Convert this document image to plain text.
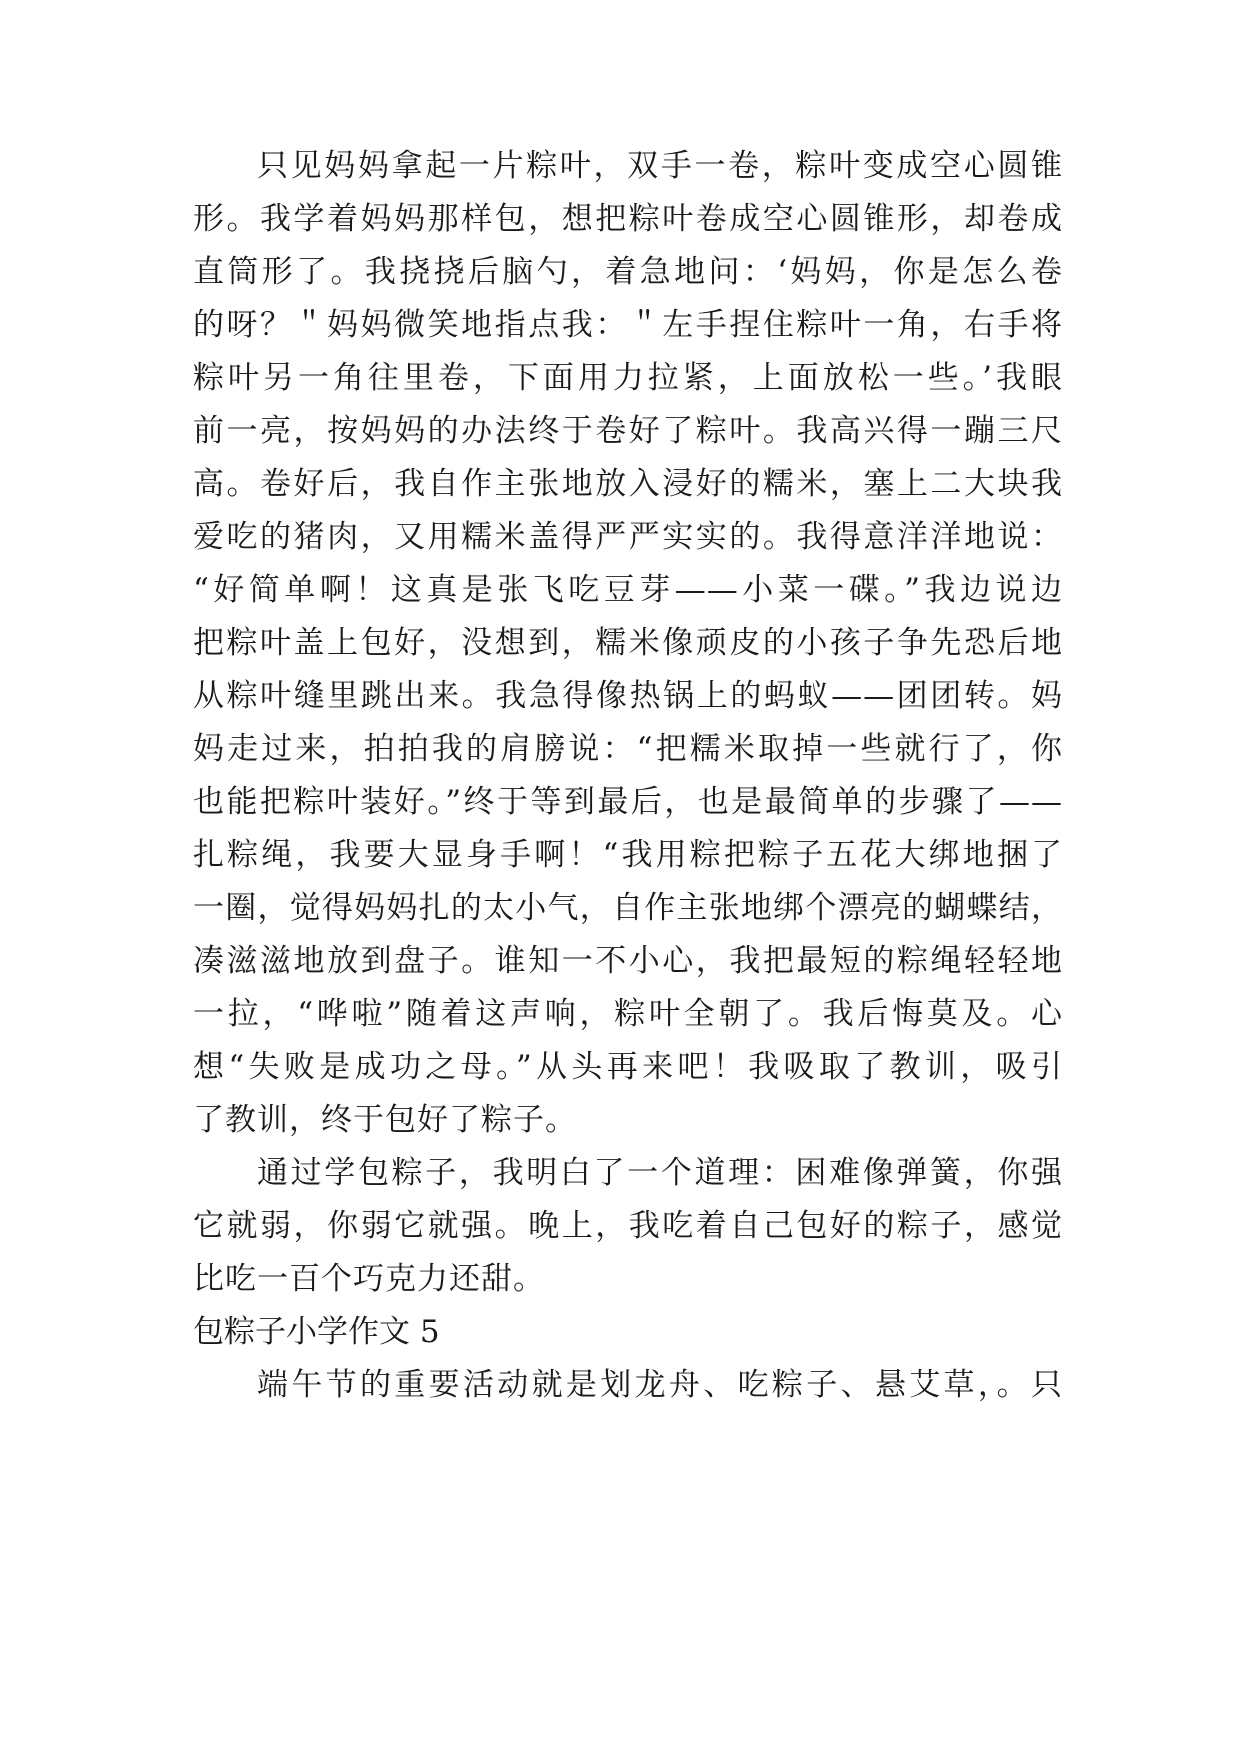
只见妈妈拿起一片粽叶，双手一卷，粽叶变成空心圆锥
形。我学着妈妈那样包，想把粽叶卷成空心圆锥形，却卷成
直筒形了。我挠挠后脑勺，着急地问：‘妈妈，你是怎么卷
的呀？＂妈妈微笑地指点我：＂左手捏住粽叶一角，右手将
粽叶另一角往里卷，下面用力拉紧，上面放松一些。’我眼
前一亮，按妈妈的办法终于卷好了粽叶。我高兴得一蹦三尺
高。卷好后，我自作主张地放入浸好的糯米，塞上二大块我
爱吃的猪肉，又用糯米盖得严严实实的。我得意洋洋地说：
“好简单啊！这真是张飞吃豆芽——小菜一碟。”我边说边
把粽叶盖上包好，没想到，糯米像顽皮的小孩子争先恐后地
从粽叶缝里跳出来。我急得像热锅上的蚂蚁——团团转。妈
妈走过来，拍拍我的肩膀说：“把糯米取掉一些就行了，你
也能把粽叶装好。”终于等到最后，也是最简单的步骤了——
扎粽绳，我要大显身手啊！“我用粽把粽子五花大绑地捆了
一圈，觉得妈妈扎的太小气，自作主张地绑个漂亮的蝴蝶结，
凑滋滋地放到盘子。谁知一不小心，我把最短的粽绳轻轻地
一拉，“哗啦”随着这声响，粽叶全朝了。我后悔莫及。心
想“失败是成功之母。”从头再来吧！我吸取了教训，吸引
了教训，终于包好了粽子。
通过学包粽子，我明白了一个道理：困难像弹簧，你强
它就弱，你弱它就强。晚上，我吃着自己包好的粽子，感觉
比吃一百个巧克力还甜。
包粽子小学作文 5
端午节的重要活动就是划龙舟、吃粽子、悬艾草，。只
